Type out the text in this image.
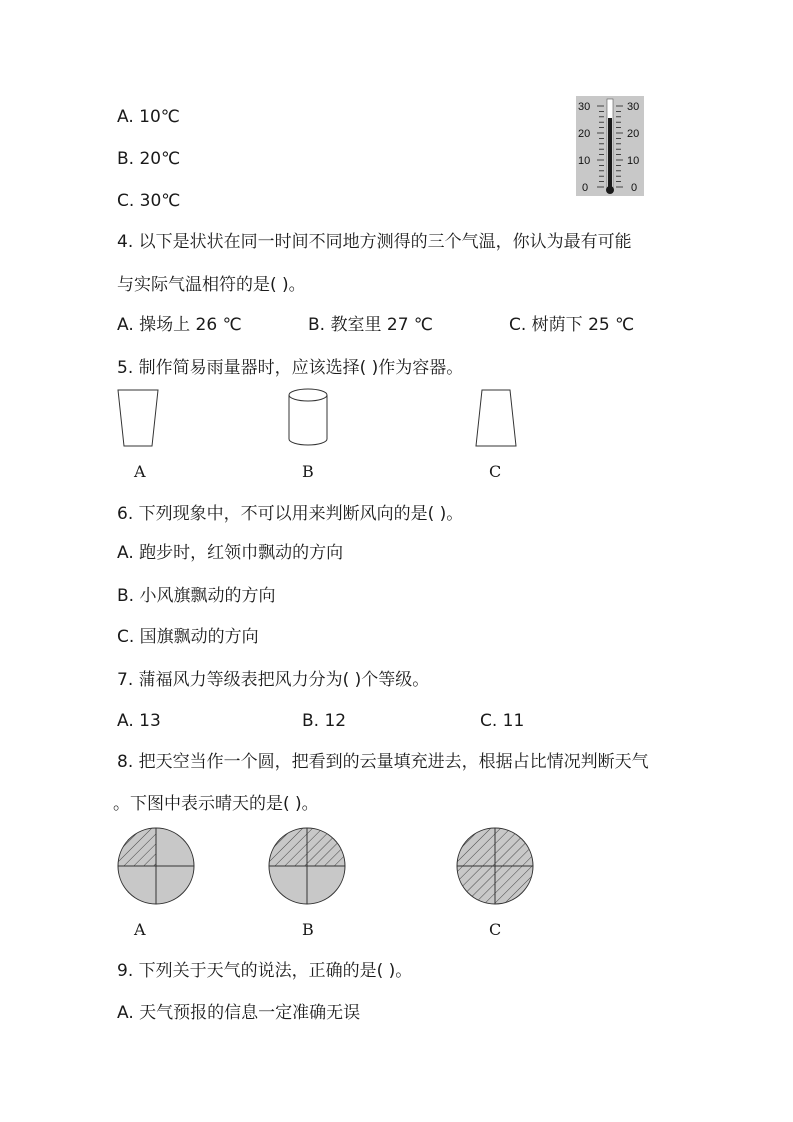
A. 10℃
B. 20℃
C. 30℃
30
20
10
0
30
20
10
0
4. 以下是状状在同一时间不同地方测得的三个气温，你认为最有可能
与实际气温相符的是( )。
A. 操场上 26 ℃	B. 教室里 27 ℃	C. 树荫下 25 ℃
5. 制作简易雨量器时，应该选择( )作为容器。
A	B	C
6. 下列现象中，不可以用来判断风向的是( )。
A. 跑步时，红领巾飘动的方向
B. 小风旗飘动的方向
C. 国旗飘动的方向
7. 蒲福风力等级表把风力分为( )个等级。
A. 13	B. 12	C. 11
8. 把天空当作一个圆，把看到的云量填充进去，根据占比情况判断天气
。下图中表示晴天的是( )。
A	B	C
9. 下列关于天气的说法，正确的是( )。
A. 天气预报的信息一定准确无误
